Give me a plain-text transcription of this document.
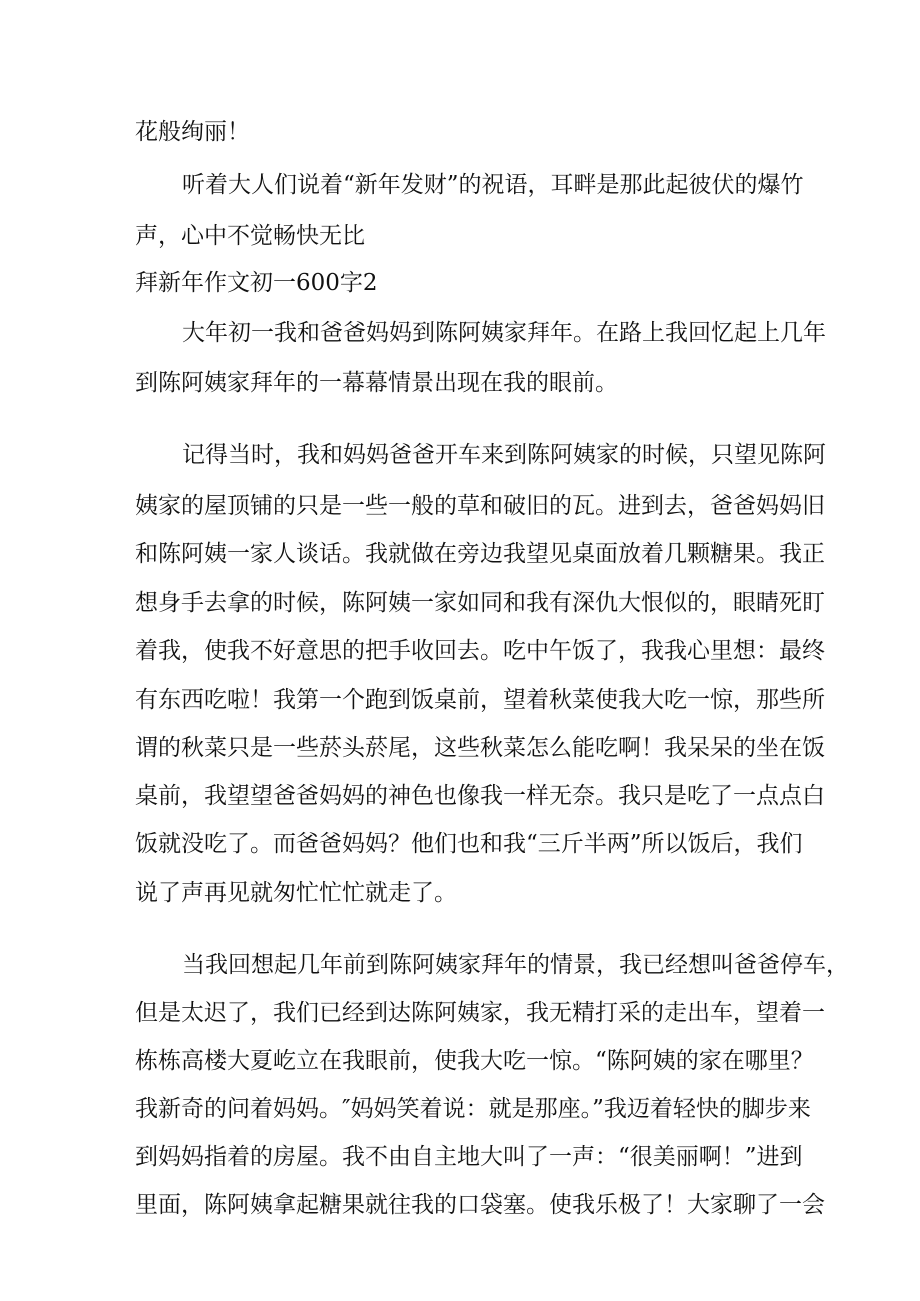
花般绚丽！
听着大人们说着“新年发财”的祝语，耳畔是那此起彼伏的爆竹
声，心中不觉畅快无比
拜新年作文初一600字2
大年初一我和爸爸妈妈到陈阿姨家拜年。在路上我回忆起上几年
到陈阿姨家拜年的一幕幕情景出现在我的眼前。
记得当时，我和妈妈爸爸开车来到陈阿姨家的时候，只望见陈阿
姨家的屋顶铺的只是一些一般的草和破旧的瓦。进到去，爸爸妈妈旧
和陈阿姨一家人谈话。我就做在旁边我望见桌面放着几颗糖果。我正
想身手去拿的时候，陈阿姨一家如同和我有深仇大恨似的，眼睛死盯
着我，使我不好意思的把手收回去。吃中午饭了，我我心里想：最终
有东西吃啦！我第一个跑到饭桌前，望着秋菜使我大吃一惊，那些所
谓的秋菜只是一些菸头菸尾，这些秋菜怎么能吃啊！我呆呆的坐在饭
桌前，我望望爸爸妈妈的神色也像我一样无奈。我只是吃了一点点白
饭就没吃了。而爸爸妈妈？他们也和我“三斤半两”所以饭后，我们
说了声再见就匆忙忙忙就走了。
当我回想起几年前到陈阿姨家拜年的情景，我已经想叫爸爸停车，
但是太迟了，我们已经到达陈阿姨家，我无精打采的走出车，望着一
栋栋高楼大夏屹立在我眼前，使我大吃一惊。“陈阿姨的家在哪里？
我新奇的问着妈妈。″妈妈笑着说：就是那座。”我迈着轻快的脚步来
到妈妈指着的房屋。我不由自主地大叫了一声：“很美丽啊！”进到
里面，陈阿姨拿起糖果就往我的口袋塞。使我乐极了！大家聊了一会
